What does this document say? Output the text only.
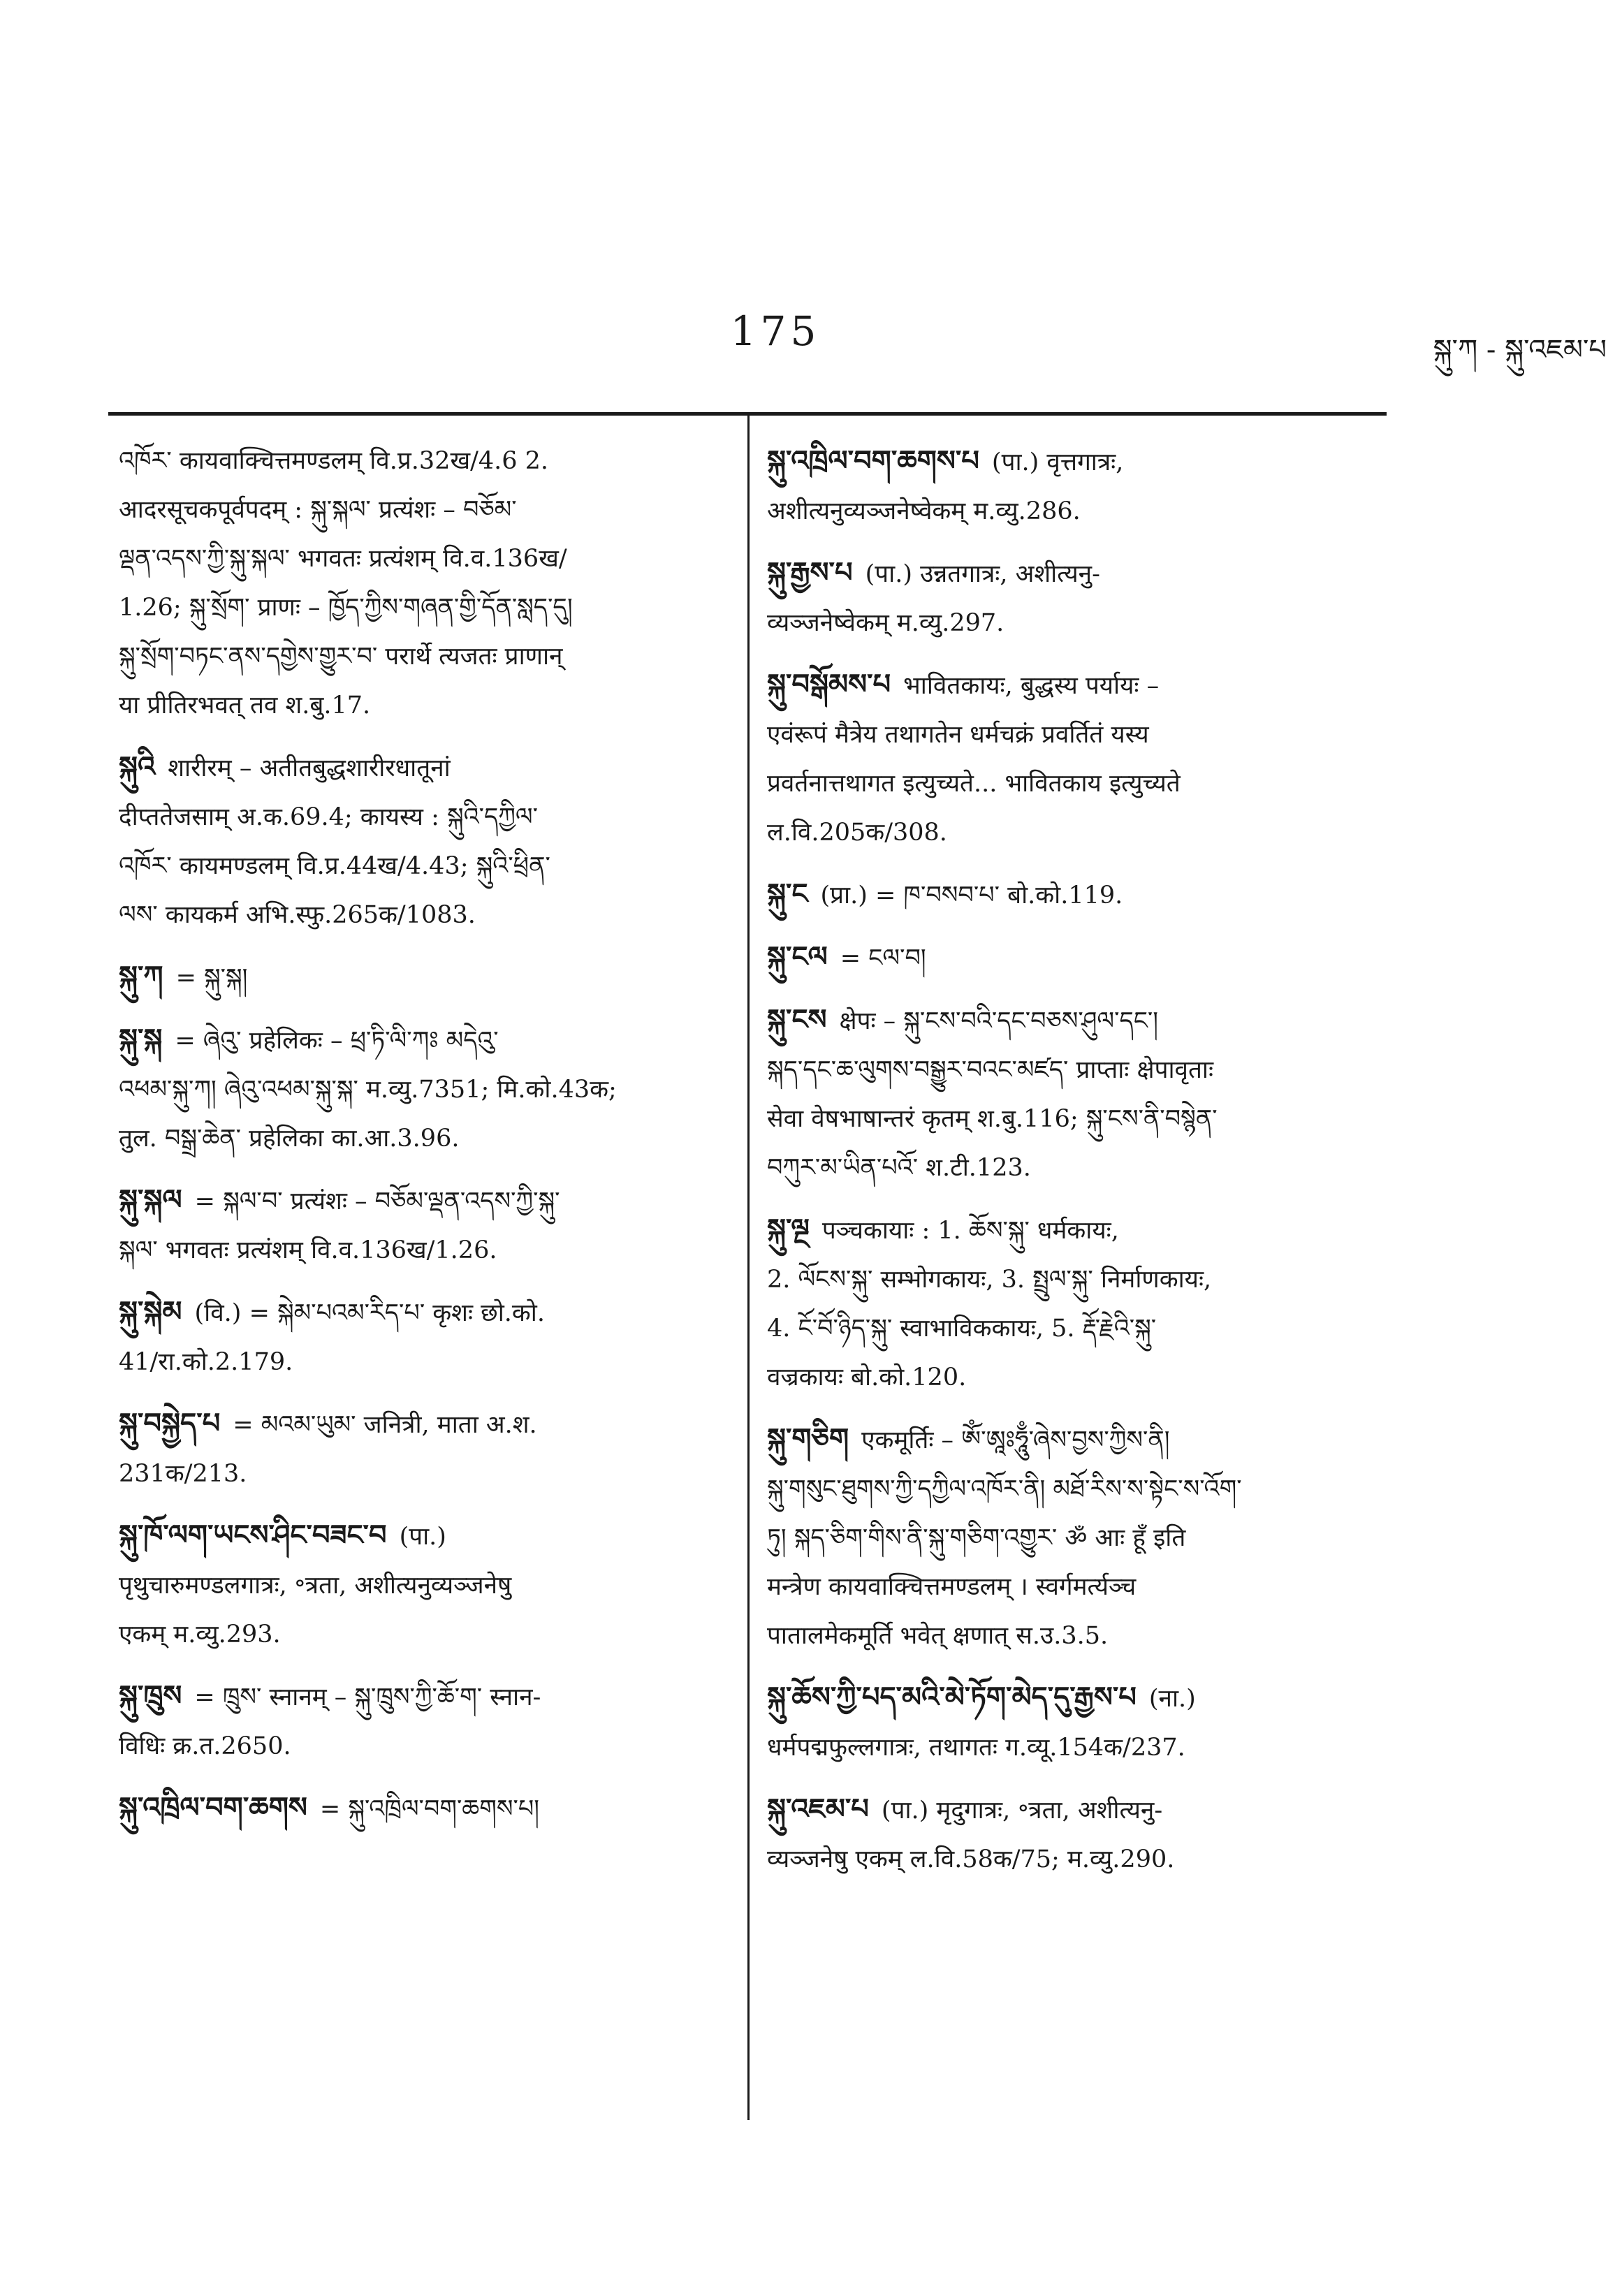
175	སྐུ་ཀ - སྐུ་འཇམ་པ

འཁོར་ कायवाक्चित्तमण्डलम् वि.प्र.32ख/4.6 2.

आदरसूचकपूर्वपदम् : སྐུ་སྐལ་ प्रत्यंशः – བཅོམ་

ལྡན་འདས་ཀྱི་སྐུ་སྐལ་ भगवतः प्रत्यंशम् वि.व.136ख/

1.26; སྐུ་སྲོག་ प्राणः – ཁྱོད་ཀྱིས་གཞན་གྱི་དོན་སླད་དུ།

སྐུ་སྲོག་བཏང་ནས་དགྱེས་གྱུར་བ་ परार्थे त्यजतः प्राणान्

या प्रीतिरभवत् तव श.बु.17.

སྐུའི शारीरम् – अतीतबुद्धशारीरधातूनां

दीप्ततेजसाम् अ.क.69.4; कायस्य : སྐུའི་དཀྱིལ་

འཁོར་ कायमण्डलम् वि.प्र.44ख/4.43; སྐུའི་ཕྲིན་

ལས་ कायकर्म अभि.स्फु.265क/1083.

སྐུ་ཀ = སྐུ་སྐ།

སྐུ་སྐ = ཞེའུ་ प्रहेलिकः – ཕྲ་ཏི་ལི་ཀཿ མདེའུ་

འཕམ་སྐུ་ཀ། ཞེའུ་འཕམ་སྐུ་སྐ་ म.व्यु.7351; मि.को.43क;

तुल. བསྒྲ་ཆེན་ प्रहेलिका का.आ.3.96.

སྐུ་སྐལ = སྐལ་བ་ प्रत्यंशः – བཅོམ་ལྡན་འདས་ཀྱི་སྐུ་

སྐལ་ भगवतः प्रत्यंशम् वि.व.136ख/1.26.

སྐུ་སྐེམ (वि.) = སྐེམ་པའམ་རིད་པ་ कृशः छो.को.

41/रा.को.2.179.

སྐུ་བསྐྱེད་པ = མའམ་ཡུམ་ जनित्री, माता अ.श.

231क/213.

སྐུ་ཁོ་ལག་ཡངས་ཤིང་བཟང་བ (पा.)

पृथुचारुमण्डलगात्रः, ॰त्रता, अशीत्यनुव्यञ्जनेषु

एकम् म.व्यु.293.

སྐུ་ཁྲུས = ཁྲུས་ स्नानम् – སྐུ་ཁྲུས་ཀྱི་ཆོ་ག་ स्नान-

विधिः क्र.त.2650.

སྐུ་འཁྲིལ་བག་ཆགས = སྐུ་འཁྲིལ་བག་ཆགས་པ།

སྐུ་འཁྲིལ་བག་ཆགས་པ (पा.) वृत्तगात्रः,

अशीत्यनुव्यञ्जनेष्वेकम् म.व्यु.286.

སྐུ་རྒྱས་པ (पा.) उन्नतगात्रः, अशीत्यनु-

व्यञ्जनेष्वेकम् म.व्यु.297.

སྐུ་བསྒོམས་པ भावितकायः, बुद्धस्य पर्यायः –

एवंरूपं मैत्रेय तथागतेन धर्मचक्रं प्रवर्तितं यस्य

प्रवर्तनात्तथागत इत्युच्यते... भावितकाय इत्युच्यते

ल.वि.205क/308.

སྐུ་ང (प्रा.) = ཁ་བསབ་པ་ बो.को.119.

སྐུ་ངལ = ངལ་བ།

སྐུ་ངས क्षेपः – སྐུ་ངས་བའི་དང་བཅས་ཤུལ་དང་།

སྐད་དང་ཆ་ལུགས་བསྒྱུར་བའང་མཛད་ प्राप्ताः क्षेपावृताः

सेवा वेषभाषान्तरं कृतम् श.बु.116; སྐུ་ངས་ནི་བསྙེན་

བཀུར་མ་ཡིན་པའོ་ श.टी.123.

སྐུ་ལྔ पञ्चकायाः : 1. ཆོས་སྐུ་ धर्मकायः,

2. ལོངས་སྐུ་ सम्भोगकायः, 3. སྤྲུལ་སྐུ་ निर्माणकायः,

4. ངོ་བོ་ཉིད་སྐུ་ स्वाभाविककायः, 5. རྡོ་རྗེའི་སྐུ་

वज्रकायः बो.को.120.

སྐུ་གཅིག एकमूर्तिः – ཨོཾ་ཨཱཿཧཱུྃ་ཞེས་བྱས་ཀྱིས་ནི།

སྐུ་གསུང་ཐུགས་ཀྱི་དཀྱིལ་འཁོར་ནི། མཐོ་རིས་ས་སྟེང་ས་འོག་

ཏུ། སྐད་ཅིག་གིས་ནི་སྐུ་གཅིག་འགྱུར་ ॐ आः हूँ इति

मन्त्रेण कायवाक्चित्तमण्डलम् । स्वर्गमर्त्यञ्च

पातालमेकमूर्ति भवेत् क्षणात् स.उ.3.5.

སྐུ་ཆོས་ཀྱི་པད་མའི་མེ་ཏོག་མེད་དུ་རྒྱས་པ (ना.)

धर्मपद्मफुल्लगात्रः, तथागतः ग.व्यू.154क/237.

སྐུ་འཇམ་པ (पा.) मृदुगात्रः, ॰त्रता, अशीत्यनु-

व्यञ्जनेषु एकम् ल.वि.58क/75; म.व्यु.290.
